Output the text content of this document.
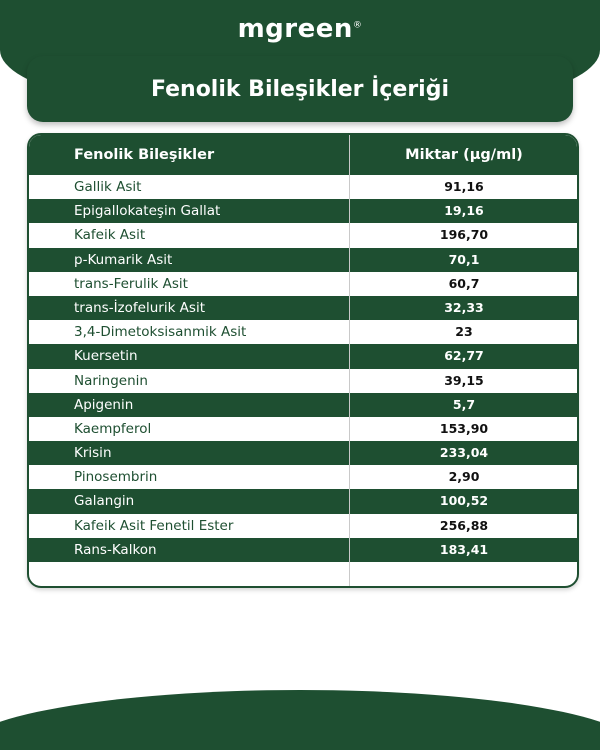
mgreen®
Fenolik Bileşikler İçeriği
Fenolik Bileşikler	Miktar (µg/ml)
Gallik Asit	91,16
Epigallokateşin Gallat	19,16
Kafeik Asit	196,70
p-Kumarik Asit	70,1
trans-Ferulik Asit	60,7
trans-İzofelurik Asit	32,33
3,4-Dimetoksisanmik Asit	23
Kuersetin	62,77
Naringenin	39,15
Apigenin	5,7
Kaempferol	153,90
Krisin	233,04
Pinosembrin	2,90
Galangin	100,52
Kafeik Asit Fenetil Ester	256,88
Rans-Kalkon	183,41
